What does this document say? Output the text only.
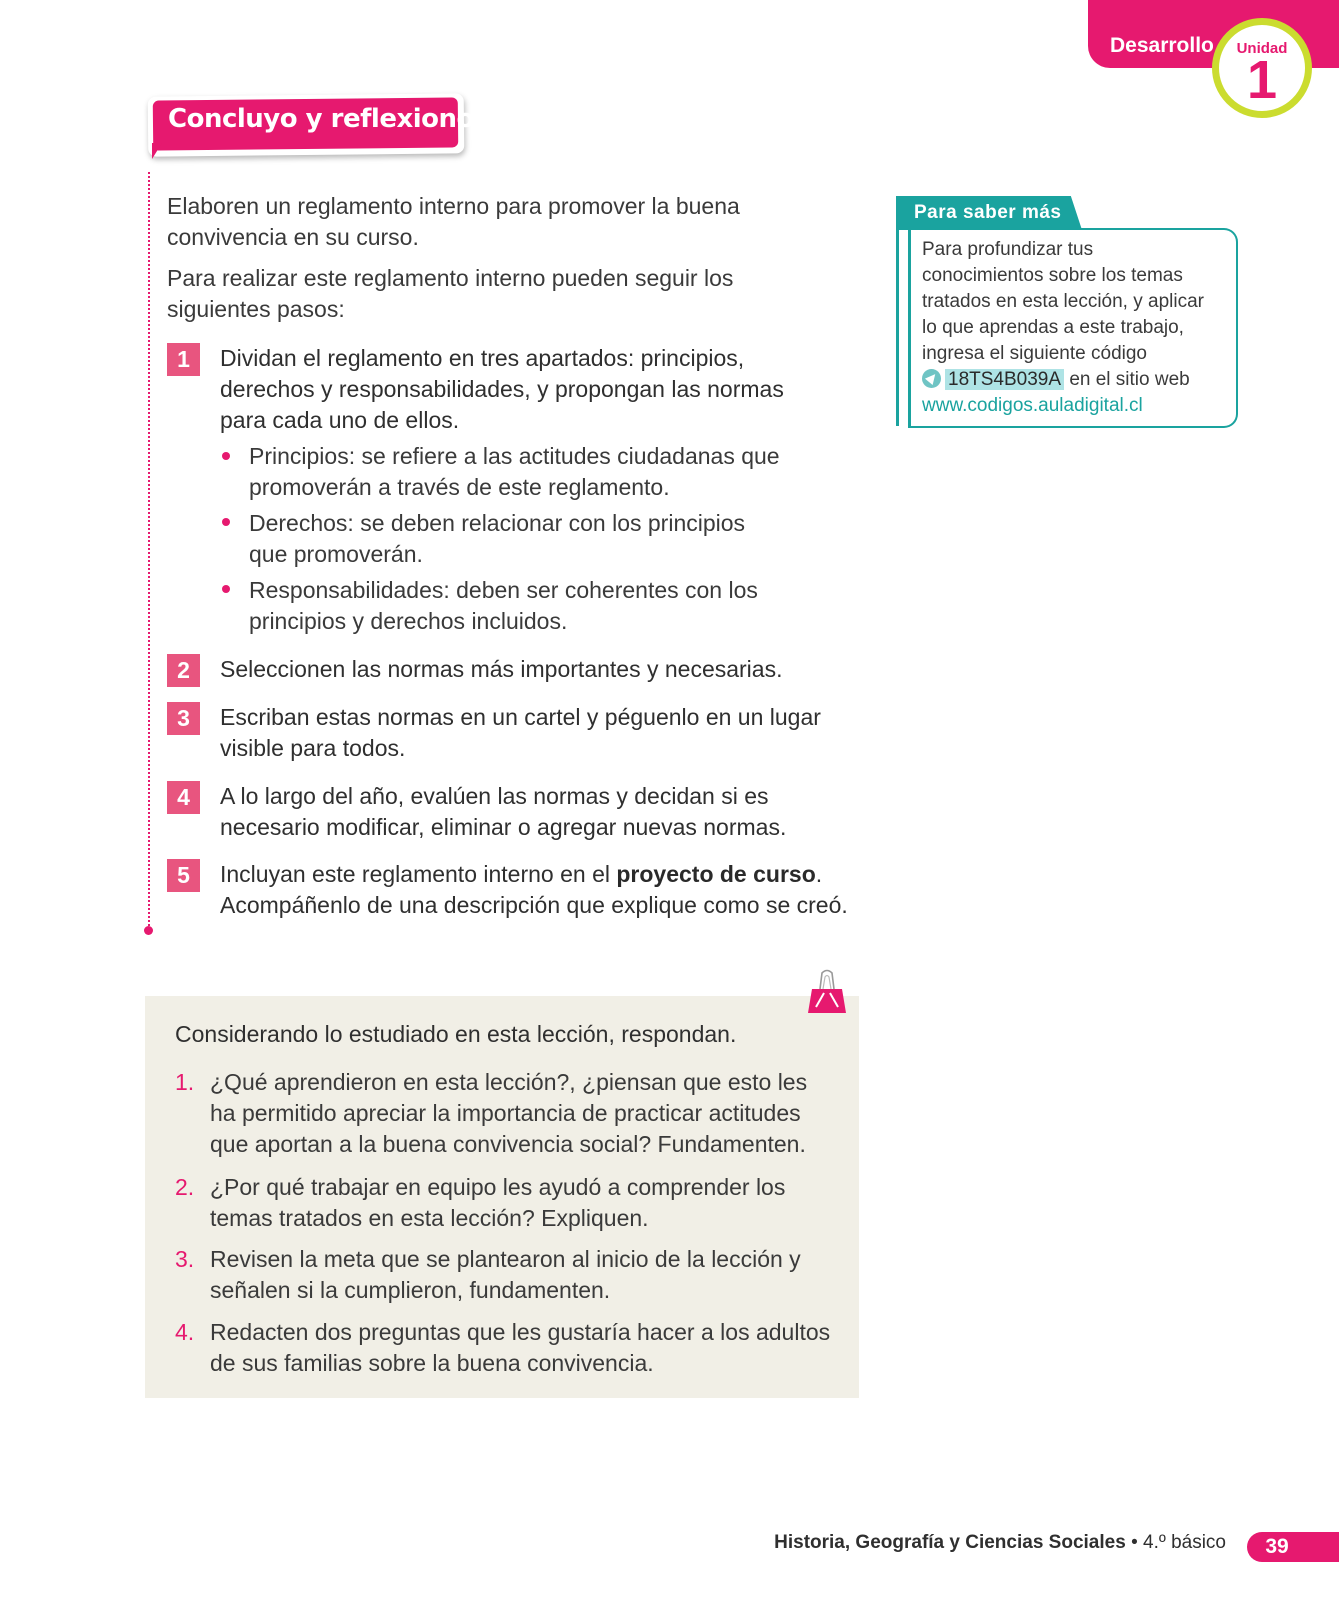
Desarrollo	Unidad
1
Concluyo y reflexiono
Elaboren un reglamento interno para promover la buena convivencia en su curso.
Para realizar este reglamento interno pueden seguir los siguientes pasos:
1	Dividan el reglamento en tres apartados: principios, derechos y responsabilidades, y propongan las normas para cada uno de ellos.
Principios: se refiere a las actitudes ciudadanas que promoverán a través de este reglamento.
Derechos: se deben relacionar con los principios que promoverán.
Responsabilidades: deben ser coherentes con los principios y derechos incluidos.
2	Seleccionen las normas más importantes y necesarias.
3	Escriban estas normas en un cartel y péguenlo en un lugar visible para todos.
4	A lo largo del año, evalúen las normas y decidan si es necesario modificar, eliminar o agregar nuevas normas.
5	Incluyan este reglamento interno en el proyecto de curso. Acompáñenlo de una descripción que explique como se creó.
Para saber más
Para profundizar tus conocimientos sobre los temas tratados en esta lección, y aplicar lo que aprendas a este trabajo, ingresa el siguiente código
18TS4B039A en el sitio web
www.codigos.auladigital.cl
Considerando lo estudiado en esta lección, respondan.
1. ¿Qué aprendieron en esta lección?, ¿piensan que esto les ha permitido apreciar la importancia de practicar actitudes que aportan a la buena convivencia social? Fundamenten.
2. ¿Por qué trabajar en equipo les ayudó a comprender los temas tratados en esta lección? Expliquen.
3. Revisen la meta que se plantearon al inicio de la lección y señalen si la cumplieron, fundamenten.
4. Redacten dos preguntas que les gustaría hacer a los adultos de sus familias sobre la buena convivencia.
Historia, Geografía y Ciencias Sociales • 4.º básico	39
